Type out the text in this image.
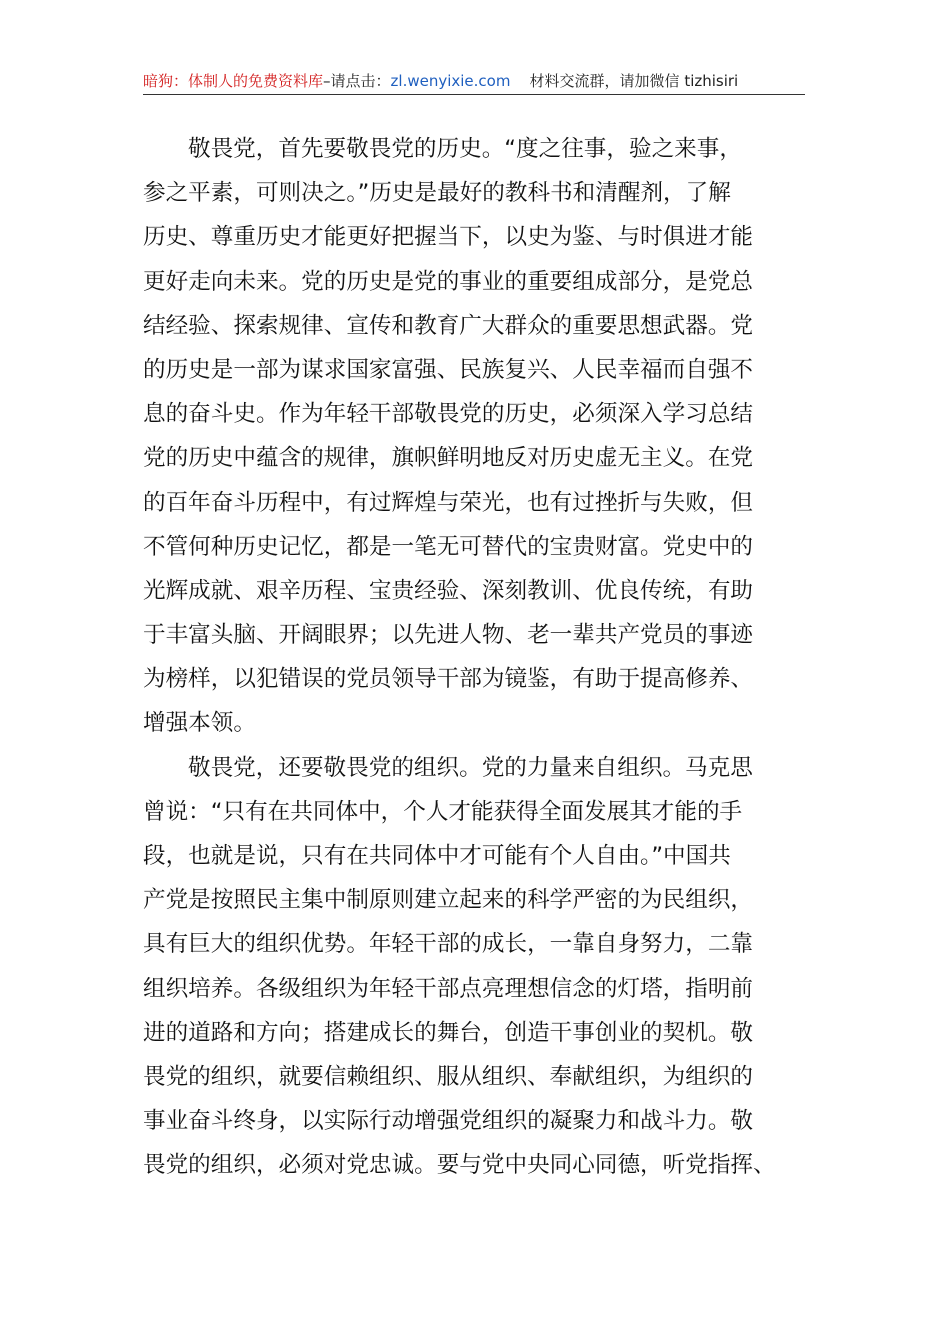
暗狗：体制人的免费资料库–请点击：zl.wenyixie.com 材料交流群，请加微信 tizhisiri
敬畏党，首先要敬畏党的历史。“度之往事，验之来事，
参之平素，可则决之。”历史是最好的教科书和清醒剂，了解
历史、尊重历史才能更好把握当下，以史为鉴、与时俱进才能
更好走向未来。党的历史是党的事业的重要组成部分，是党总
结经验、探索规律、宣传和教育广大群众的重要思想武器。党
的历史是一部为谋求国家富强、民族复兴、人民幸福而自强不
息的奋斗史。作为年轻干部敬畏党的历史，必须深入学习总结
党的历史中蕴含的规律，旗帜鲜明地反对历史虚无主义。在党
的百年奋斗历程中，有过辉煌与荣光，也有过挫折与失败，但
不管何种历史记忆，都是一笔无可替代的宝贵财富。党史中的
光辉成就、艰辛历程、宝贵经验、深刻教训、优良传统，有助
于丰富头脑、开阔眼界；以先进人物、老一辈共产党员的事迹
为榜样，以犯错误的党员领导干部为镜鉴，有助于提高修养、
增强本领。
敬畏党，还要敬畏党的组织。党的力量来自组织。马克思
曾说：“只有在共同体中，个人才能获得全面发展其才能的手
段，也就是说，只有在共同体中才可能有个人自由。”中国共
产党是按照民主集中制原则建立起来的科学严密的为民组织，
具有巨大的组织优势。年轻干部的成长，一靠自身努力，二靠
组织培养。各级组织为年轻干部点亮理想信念的灯塔，指明前
进的道路和方向；搭建成长的舞台，创造干事创业的契机。敬
畏党的组织，就要信赖组织、服从组织、奉献组织，为组织的
事业奋斗终身，以实际行动增强党组织的凝聚力和战斗力。敬
畏党的组织，必须对党忠诚。要与党中央同心同德，听党指挥、
